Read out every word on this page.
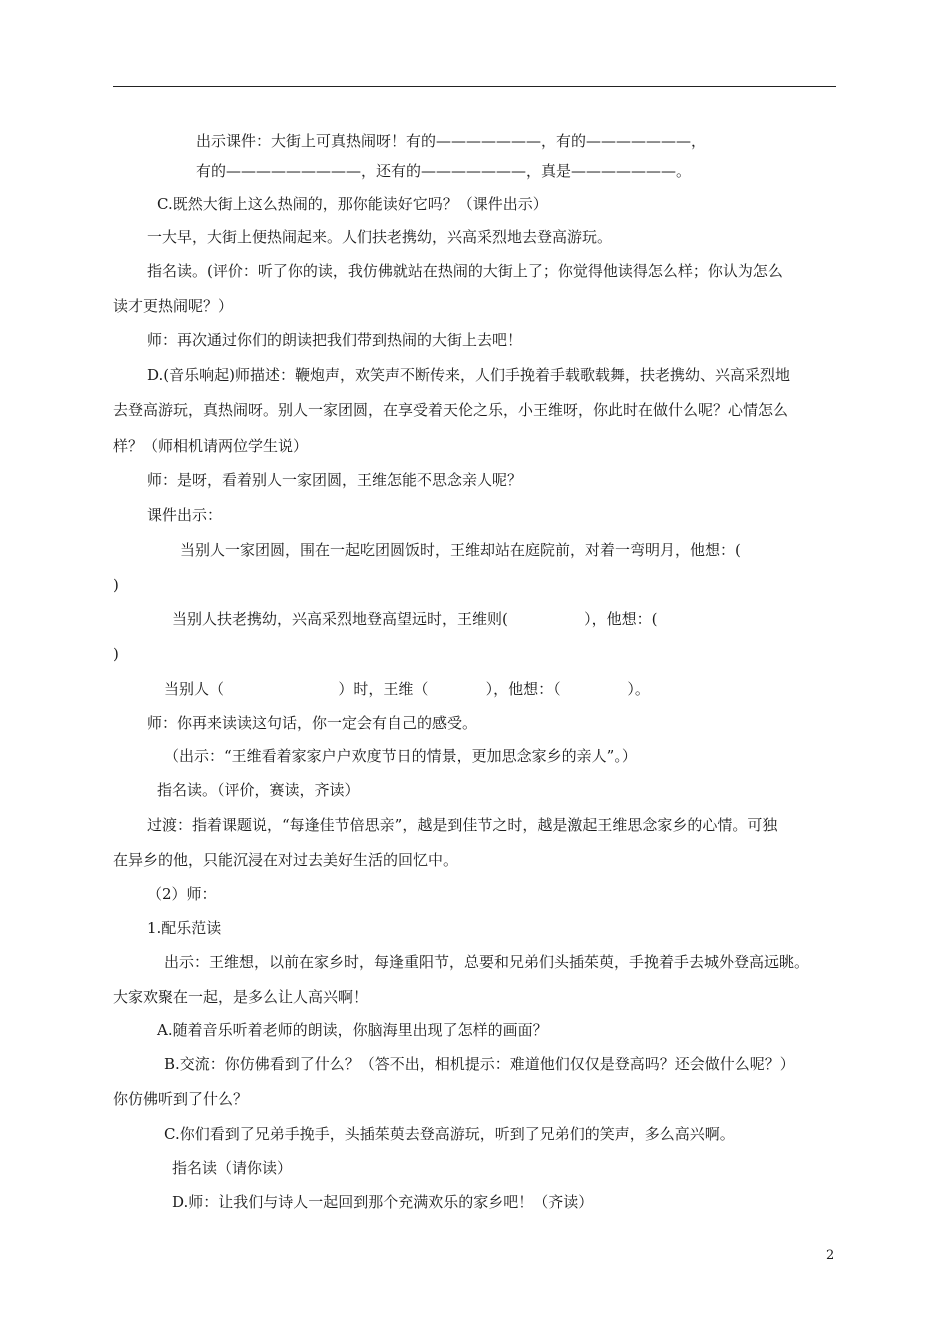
出示课件：大街上可真热闹呀！有的———————，有的———————，
有的—————————，还有的———————，真是———————。
C.既然大街上这么热闹的，那你能读好它吗？（课件出示）
一大早，大街上便热闹起来。人们扶老携幼，兴高采烈地去登高游玩。
指名读。(评价：听了你的读，我仿佛就站在热闹的大街上了；你觉得他读得怎么样；你认为怎么
读才更热闹呢？）
师：再次通过你们的朗读把我们带到热闹的大街上去吧！
D.(音乐响起)师描述：鞭炮声，欢笑声不断传来，人们手挽着手载歌载舞，扶老携幼、兴高采烈地
去登高游玩，真热闹呀。别人一家团圆，在享受着天伦之乐，小王维呀，你此时在做什么呢？心情怎么
样？（师相机请两位学生说）
师：是呀，看着别人一家团圆，王维怎能不思念亲人呢？
课件出示：
当别人一家团圆，围在一起吃团圆饭时，王维却站在庭院前，对着一弯明月，他想：(
)
当别人扶老携幼，兴高采烈地登高望远时，王维则(                ），他想：(
)
当别人（                        ）时，王维（            ），他想：（              ）。
师：你再来读读这句话，你一定会有自己的感受。
（出示：“王维看着家家户户欢度节日的情景，更加思念家乡的亲人”。）
指名读。（评价，赛读，齐读）
过渡：指着课题说，“每逢佳节倍思亲”，越是到佳节之时，越是激起王维思念家乡的心情。可独
在异乡的他，只能沉浸在对过去美好生活的回忆中。
（2）师：
1.配乐范读
出示：王维想，以前在家乡时，每逢重阳节，总要和兄弟们头插茱萸，手挽着手去城外登高远眺。
大家欢聚在一起，是多么让人高兴啊！
A.随着音乐听着老师的朗读，你脑海里出现了怎样的画面？
B.交流：你仿佛看到了什么？（答不出，相机提示：难道他们仅仅是登高吗？还会做什么呢？）
你仿佛听到了什么？
C.你们看到了兄弟手挽手，头插茱萸去登高游玩，听到了兄弟们的笑声，多么高兴啊。
指名读（请你读）
D.师：让我们与诗人一起回到那个充满欢乐的家乡吧！（齐读）
2
